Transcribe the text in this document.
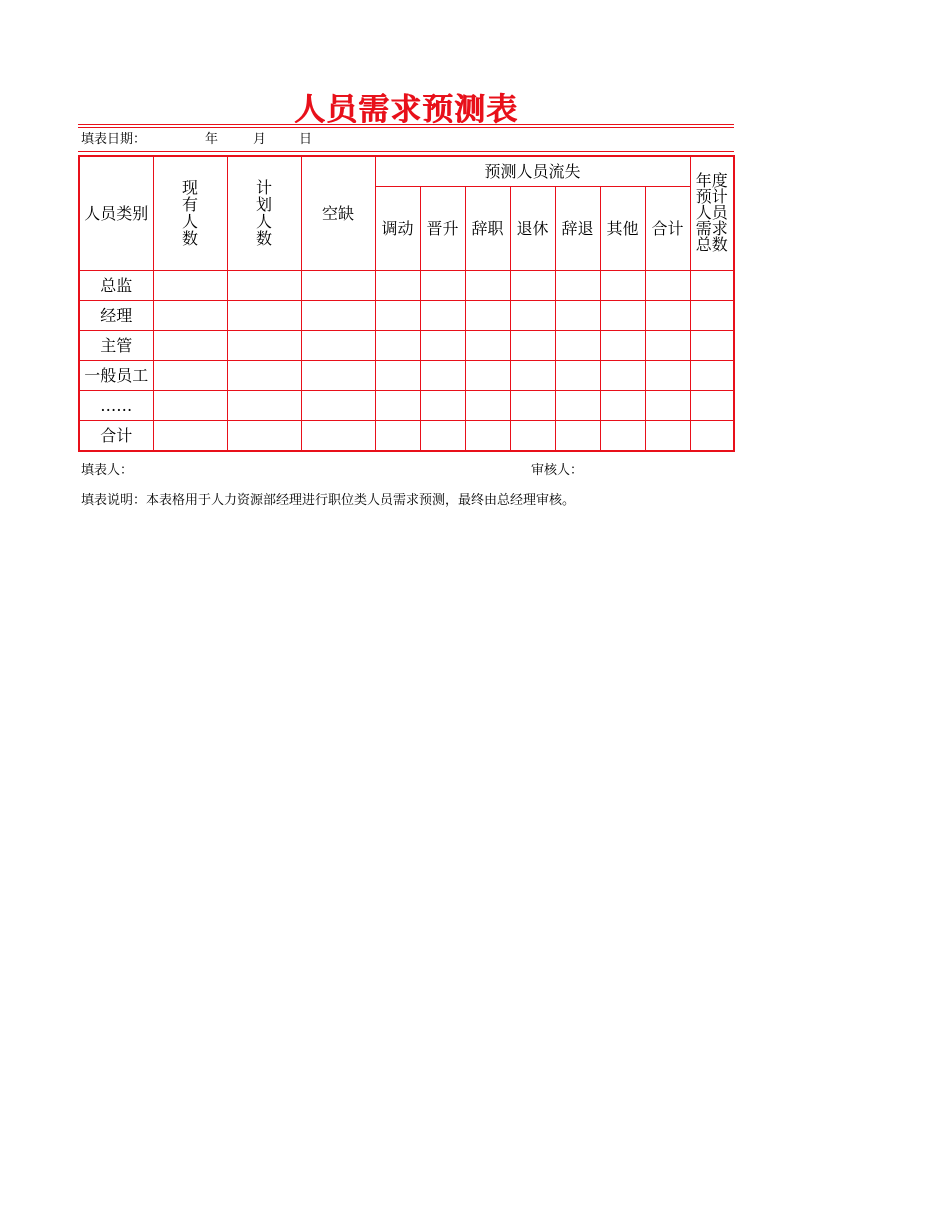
人员需求预测表
填表日期：	年	月	日
人员类别	现有人数	计划人数	空缺	预测人员流失							年度预计人员需求总数
				调动	晋升	辞职	退休	辞退	其他	合计	
总监											
经理											
主管											
一般员工											
……											
合计											
填表人：	审核人：
填表说明：本表格用于人力资源部经理进行职位类人员需求预测，最终由总经理审核。
